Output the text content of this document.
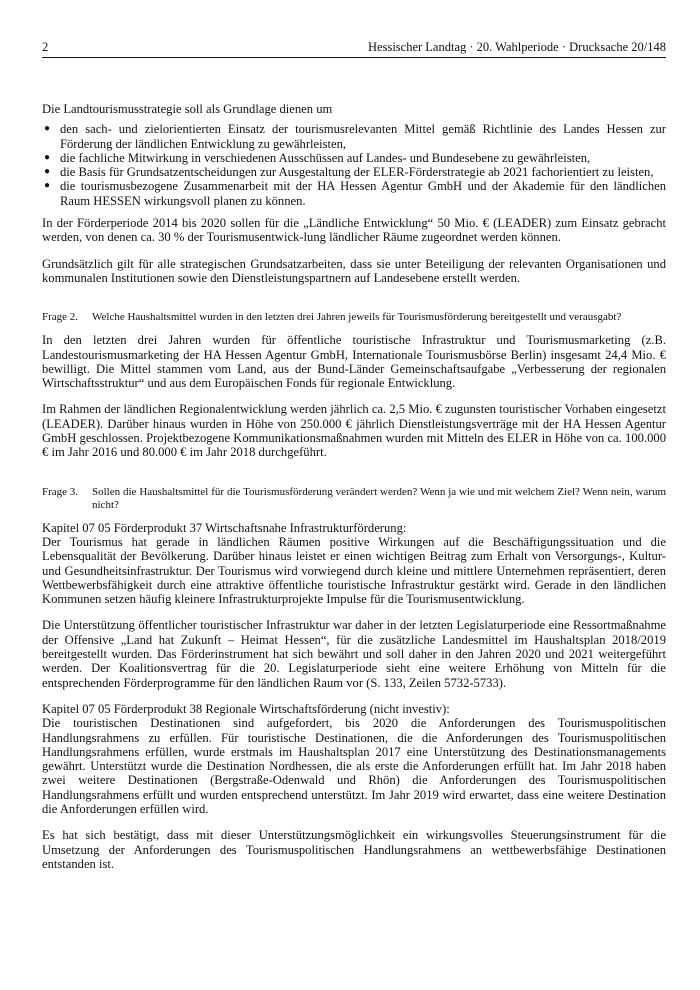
2	Hessischer Landtag · 20. Wahlperiode · Drucksache 20/148

Die Landtourismusstrategie soll als Grundlage dienen um

● den sach- und zielorientierten Einsatz der tourismusrelevanten Mittel gemäß Richtlinie des Landes Hessen zur Förderung der ländlichen Entwicklung zu gewährleisten,
● die fachliche Mitwirkung in verschiedenen Ausschüssen auf Landes- und Bundesebene zu gewährleisten,
● die Basis für Grundsatzentscheidungen zur Ausgestaltung der ELER-Förderstrategie ab 2021 fachorientiert zu leisten,
● die tourismusbezogene Zusammenarbeit mit der HA Hessen Agentur GmbH und der Akademie für den ländlichen Raum HESSEN wirkungsvoll planen zu können.

In der Förderperiode 2014 bis 2020 sollen für die „Ländliche Entwicklung“ 50 Mio. € (LEADER) zum Einsatz gebracht werden, von denen ca. 30 % der Tourismusentwick-lung ländlicher Räume zugeordnet werden können.

Grundsätzlich gilt für alle strategischen Grundsatzarbeiten, dass sie unter Beteiligung der relevanten Organisationen und kommunalen Institutionen sowie den Dienstleistungspartnern auf Landesebene erstellt werden.

Frage 2.	Welche Haushaltsmittel wurden in den letzten drei Jahren jeweils für Tourismusförderung bereitgestellt und verausgabt?

In den letzten drei Jahren wurden für öffentliche touristische Infrastruktur und Tourismusmarketing (z.B. Landestourismusmarketing der HA Hessen Agentur GmbH, Internationale Tourismusbörse Berlin) insgesamt 24,4 Mio. € bewilligt. Die Mittel stammen vom Land, aus der Bund-Länder Gemeinschaftsaufgabe „Verbesserung der regionalen Wirtschaftsstruktur“ und aus dem Europäischen Fonds für regionale Entwicklung.

Im Rahmen der ländlichen Regionalentwicklung werden jährlich ca. 2,5 Mio. € zugunsten touristischer Vorhaben eingesetzt (LEADER). Darüber hinaus wurden in Höhe von 250.000 € jährlich Dienstleistungsverträge mit der HA Hessen Agentur GmbH geschlossen. Projektbezogene Kommunikationsmaßnahmen wurden mit Mitteln des ELER in Höhe von ca. 100.000 € im Jahr 2016 und 80.000 € im Jahr 2018 durchgeführt.

Frage 3.	Sollen die Haushaltsmittel für die Tourismusförderung verändert werden? Wenn ja wie und mit welchem Ziel? Wenn nein, warum nicht?

Kapitel 07 05 Förderprodukt 37 Wirtschaftsnahe Infrastrukturförderung:

Der Tourismus hat gerade in ländlichen Räumen positive Wirkungen auf die Beschäftigungssituation und die Lebensqualität der Bevölkerung. Darüber hinaus leistet er einen wichtigen Beitrag zum Erhalt von Versorgungs-, Kultur- und Gesundheitsinfrastruktur. Der Tourismus wird vorwiegend durch kleine und mittlere Unternehmen repräsentiert, deren Wettbewerbsfähigkeit durch eine attraktive öffentliche touristische Infrastruktur gestärkt wird. Gerade in den ländlichen Kommunen setzen häufig kleinere Infrastrukturprojekte Impulse für die Tourismusentwicklung.

Die Unterstützung öffentlicher touristischer Infrastruktur war daher in der letzten Legislaturperiode eine Ressortmaßnahme der Offensive „Land hat Zukunft – Heimat Hessen“, für die zusätzliche Landesmittel im Haushaltsplan 2018/2019 bereitgestellt wurden. Das Förderinstrument hat sich bewährt und soll daher in den Jahren 2020 und 2021 weitergeführt werden. Der Koalitionsvertrag für die 20. Legislaturperiode sieht eine weitere Erhöhung von Mitteln für die entsprechenden Förderprogramme für den ländlichen Raum vor (S. 133, Zeilen 5732-5733).

Kapitel 07 05 Förderprodukt 38 Regionale Wirtschaftsförderung (nicht investiv):

Die touristischen Destinationen sind aufgefordert, bis 2020 die Anforderungen des Tourismuspolitischen Handlungsrahmens zu erfüllen. Für touristische Destinationen, die die Anforderungen des Tourismuspolitischen Handlungsrahmens erfüllen, wurde erstmals im Haushaltsplan 2017 eine Unterstützung des Destinationsmanagements gewährt. Unterstützt wurde die Destination Nordhessen, die als erste die Anforderungen erfüllt hat. Im Jahr 2018 haben zwei weitere Destinationen (Bergstraße-Odenwald und Rhön) die Anforderungen des Tourismuspolitischen Handlungsrahmens erfüllt und wurden entsprechend unterstützt. Im Jahr 2019 wird erwartet, dass eine weitere Destination die Anforderungen erfüllen wird.

Es hat sich bestätigt, dass mit dieser Unterstützungsmöglichkeit ein wirkungsvolles Steuerungsinstrument für die Umsetzung der Anforderungen des Tourismuspolitischen Handlungsrahmens an wettbewerbsfähige Destinationen entstanden ist.
